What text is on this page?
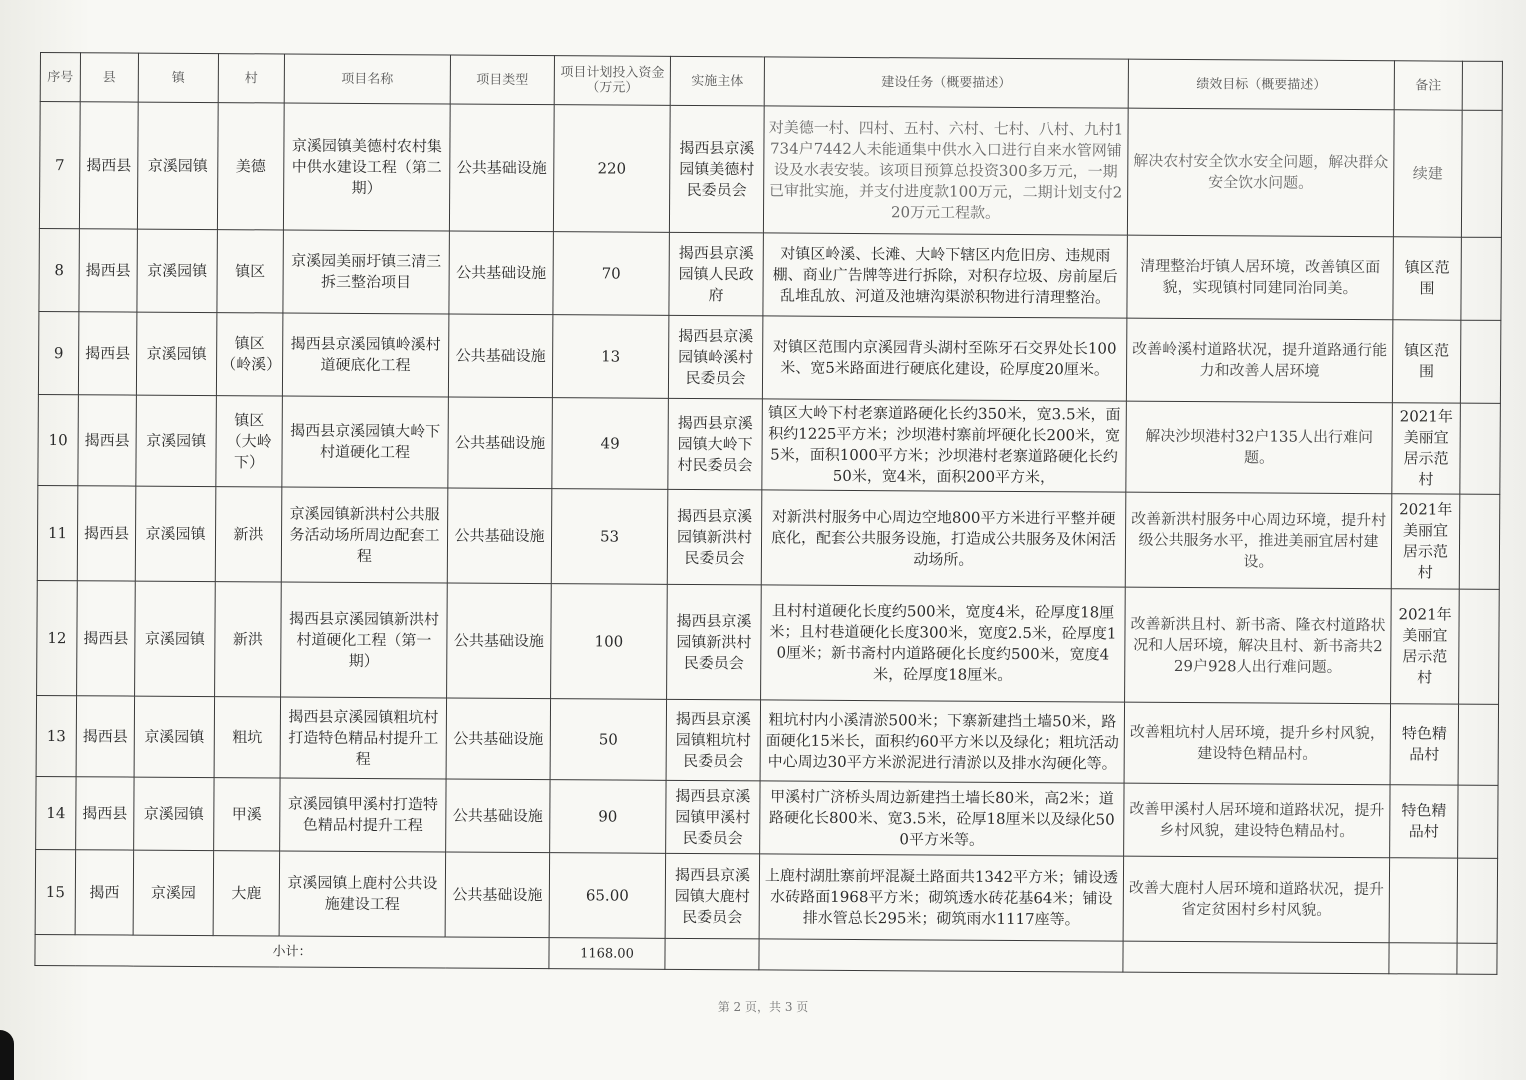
序号	县	镇	村	项目名称	项目类型	项目计划投入资金（万元）	实施主体	建设任务（概要描述）	绩效目标（概要描述）	备注	
7	揭西县	京溪园镇	美德	京溪园镇美德村农村集中供水建设工程（第二期）	公共基础设施	220	揭西县京溪园镇美德村民委员会	对美德一村、四村、五村、六村、七村、八村、九村1734户7442人未能通集中供水入口进行自来水管网铺设及水表安装。该项目预算总投资300多万元，一期已审批实施，并支付进度款100万元，二期计划支付220万元工程款。	解决农村安全饮水安全问题，解决群众安全饮水问题。	续建	
8	揭西县	京溪园镇	镇区	京溪园美丽圩镇三清三拆三整治项目	公共基础设施	70	揭西县京溪园镇人民政府	对镇区岭溪、长滩、大岭下辖区内危旧房、违规雨棚、商业广告牌等进行拆除，对积存垃圾、房前屋后乱堆乱放、河道及池塘沟渠淤积物进行清理整治。	清理整治圩镇人居环境，改善镇区面貌，实现镇村同建同治同美。	镇区范围	
9	揭西县	京溪园镇	镇区（岭溪）	揭西县京溪园镇岭溪村道硬底化工程	公共基础设施	13	揭西县京溪园镇岭溪村民委员会	对镇区范围内京溪园背头湖村至陈牙石交界处长100米、宽5米路面进行硬底化建设，砼厚度20厘米。	改善岭溪村道路状况，提升道路通行能力和改善人居环境	镇区范围	
10	揭西县	京溪园镇	镇区（大岭下）	揭西县京溪园镇大岭下村道硬化工程	公共基础设施	49	揭西县京溪园镇大岭下村民委员会	镇区大岭下村老寨道路硬化长约350米，宽3.5米，面积约1225平方米；沙坝港村寨前坪硬化长200米，宽5米，面积1000平方米；沙坝港村老寨道路硬化长约50米，宽4米，面积200平方米，	解决沙坝港村32户135人出行难问题。	2021年美丽宜居示范村	
11	揭西县	京溪园镇	新洪	京溪园镇新洪村公共服务活动场所周边配套工程	公共基础设施	53	揭西县京溪园镇新洪村民委员会	对新洪村服务中心周边空地800平方米进行平整并硬底化，配套公共服务设施，打造成公共服务及休闲活动场所。	改善新洪村服务中心周边环境，提升村级公共服务水平，推进美丽宜居村建设。	2021年美丽宜居示范村	
12	揭西县	京溪园镇	新洪	揭西县京溪园镇新洪村村道硬化工程（第一期）	公共基础设施	100	揭西县京溪园镇新洪村民委员会	且村村道硬化长度约500米，宽度4米，砼厚度18厘米；且村巷道硬化长度300米，宽度2.5米，砼厚度10厘米；新书斋村内道路硬化长度约500米，宽度4米，砼厚度18厘米。	改善新洪且村、新书斋、隆衣村道路状况和人居环境，解决且村、新书斋共229户928人出行难问题。	2021年美丽宜居示范村	
13	揭西县	京溪园镇	粗坑	揭西县京溪园镇粗坑村打造特色精品村提升工程	公共基础设施	50	揭西县京溪园镇粗坑村民委员会	粗坑村内小溪清淤500米；下寨新建挡土墙50米，路面硬化15米长，面积约60平方米以及绿化；粗坑活动中心周边30平方米淤泥进行清淤以及排水沟硬化等。	改善粗坑村人居环境，提升乡村风貌，建设特色精品村。	特色精品村	
14	揭西县	京溪园镇	甲溪	京溪园镇甲溪村打造特色精品村提升工程	公共基础设施	90	揭西县京溪园镇甲溪村民委员会	甲溪村广济桥头周边新建挡土墙长80米，高2米；道路硬化长800米、宽3.5米，砼厚18厘米以及绿化500平方米等。	改善甲溪村人居环境和道路状况，提升乡村风貌，建设特色精品村。	特色精品村	
15	揭西	京溪园	大鹿	京溪园镇上鹿村公共设施建设工程	公共基础设施	65.00	揭西县京溪园镇大鹿村民委员会	上鹿村湖肚寨前坪混凝土路面共1342平方米；铺设透水砖路面1968平方米；砌筑透水砖花基64米；铺设排水管总长295米；砌筑雨水1117座等。	改善大鹿村人居环境和道路状况，提升省定贫困村乡村风貌。		
小计：						1168.00					
第 2 页，共 3 页
